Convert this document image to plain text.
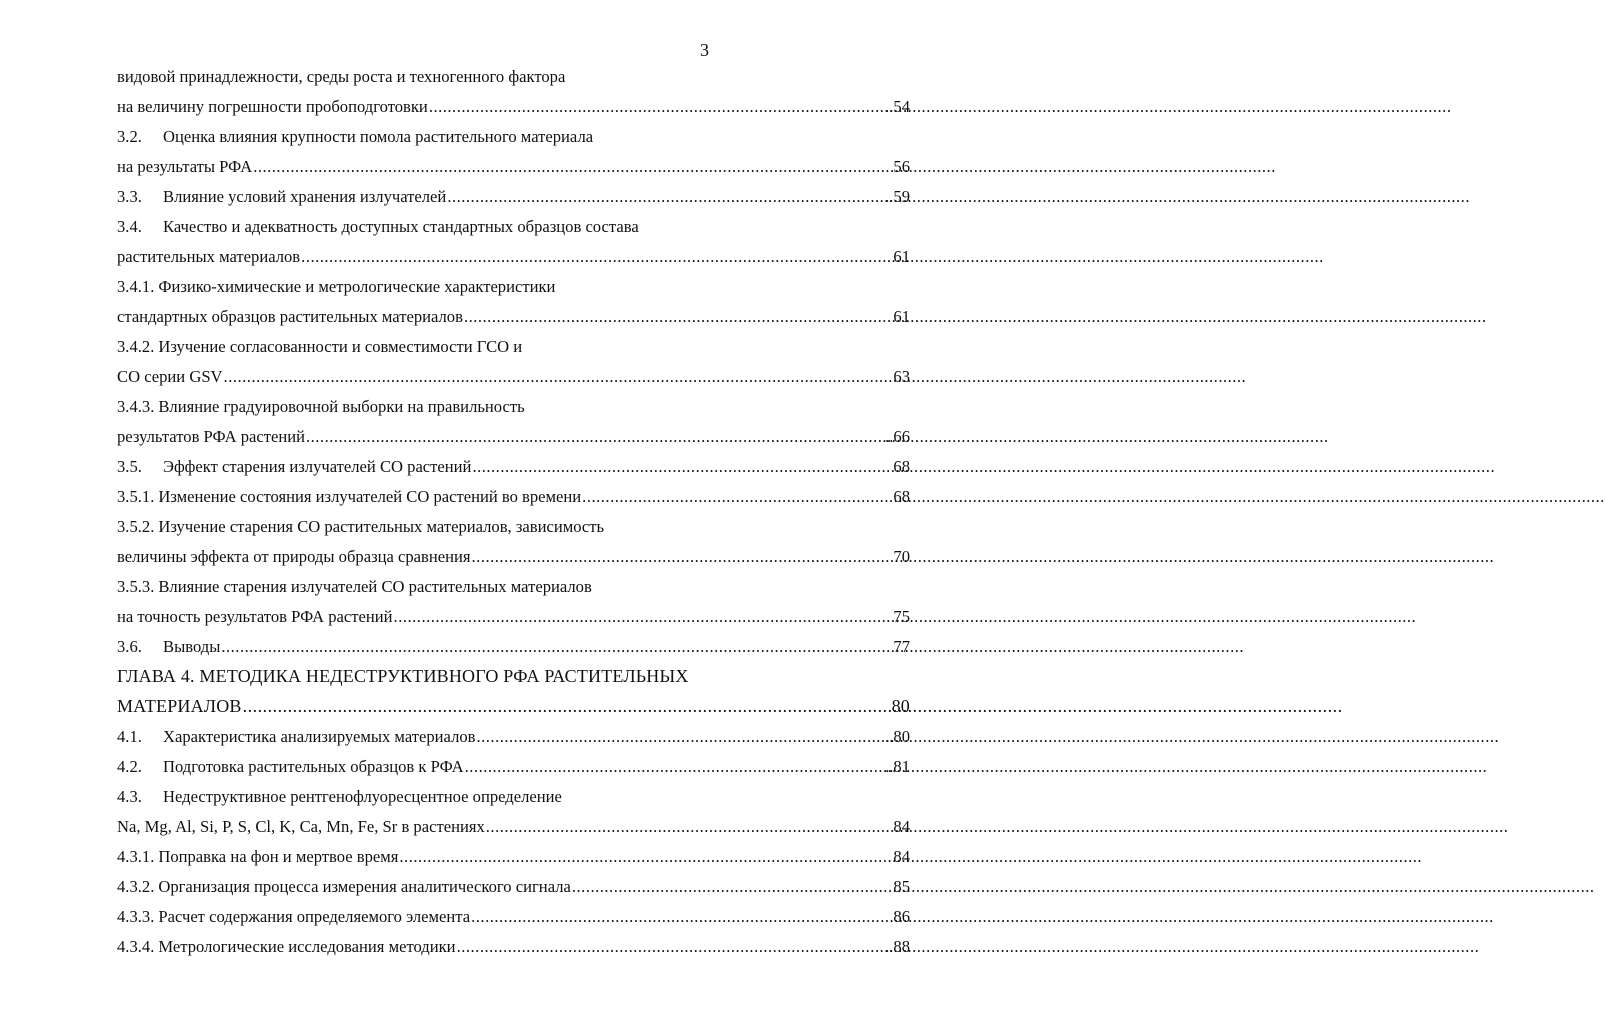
3
видовой принадлежности, среды роста и техногенного фактора
на величину погрешности пробоподготовки .....	..54
3.2. Оценка влияния крупности помола растительного материала
на результаты РФА .....	56
3.3. Влияние условий хранения излучателей .....	..59
3.4. Качество и адекватность доступных стандартных образцов состава
растительных материалов .....	61
3.4.1. Физико-химические и метрологические характеристики
стандартных образцов растительных материалов .....	61
3.4.2. Изучение согласованности и совместимости ГСО и
СО серии GSV .....	63
3.4.3. Влияние градуировочной выборки на правильность
результатов РФА растений .....	..66
3.5. Эффект старения излучателей СО растений .....	68
3.5.1. Изменение состояния излучателей СО растений во времени .....	68
3.5.2. Изучение старения СО растительных материалов, зависимость
величины эффекта от природы образца сравнения .....	70
3.5.3. Влияние старения излучателей СО растительных материалов
на точность результатов РФА растений .....	75
3.6. Выводы .....	77
ГЛАВА 4. МЕТОДИКА НЕДЕСТРУКТИВНОГО РФА РАСТИТЕЛЬНЫХ
МАТЕРИАЛОВ .....	80
4.1. Характеристика анализируемых материалов .....	..80
4.2. Подготовка растительных образцов к РФА .....	..81
4.3. Недеструктивное рентгенофлуоресцентное определение
Na, Mg, Al, Si, P, S, Cl, K, Ca, Mn, Fe, Sr в растениях .....	84
4.3.1. Поправка на фон и мертвое время .....	84
4.3.2. Организация процесса измерения аналитического сигнала .....	85
4.3.3. Расчет содержания определяемого элемента .....	86
4.3.4. Метрологические исследования методики .....	..88
